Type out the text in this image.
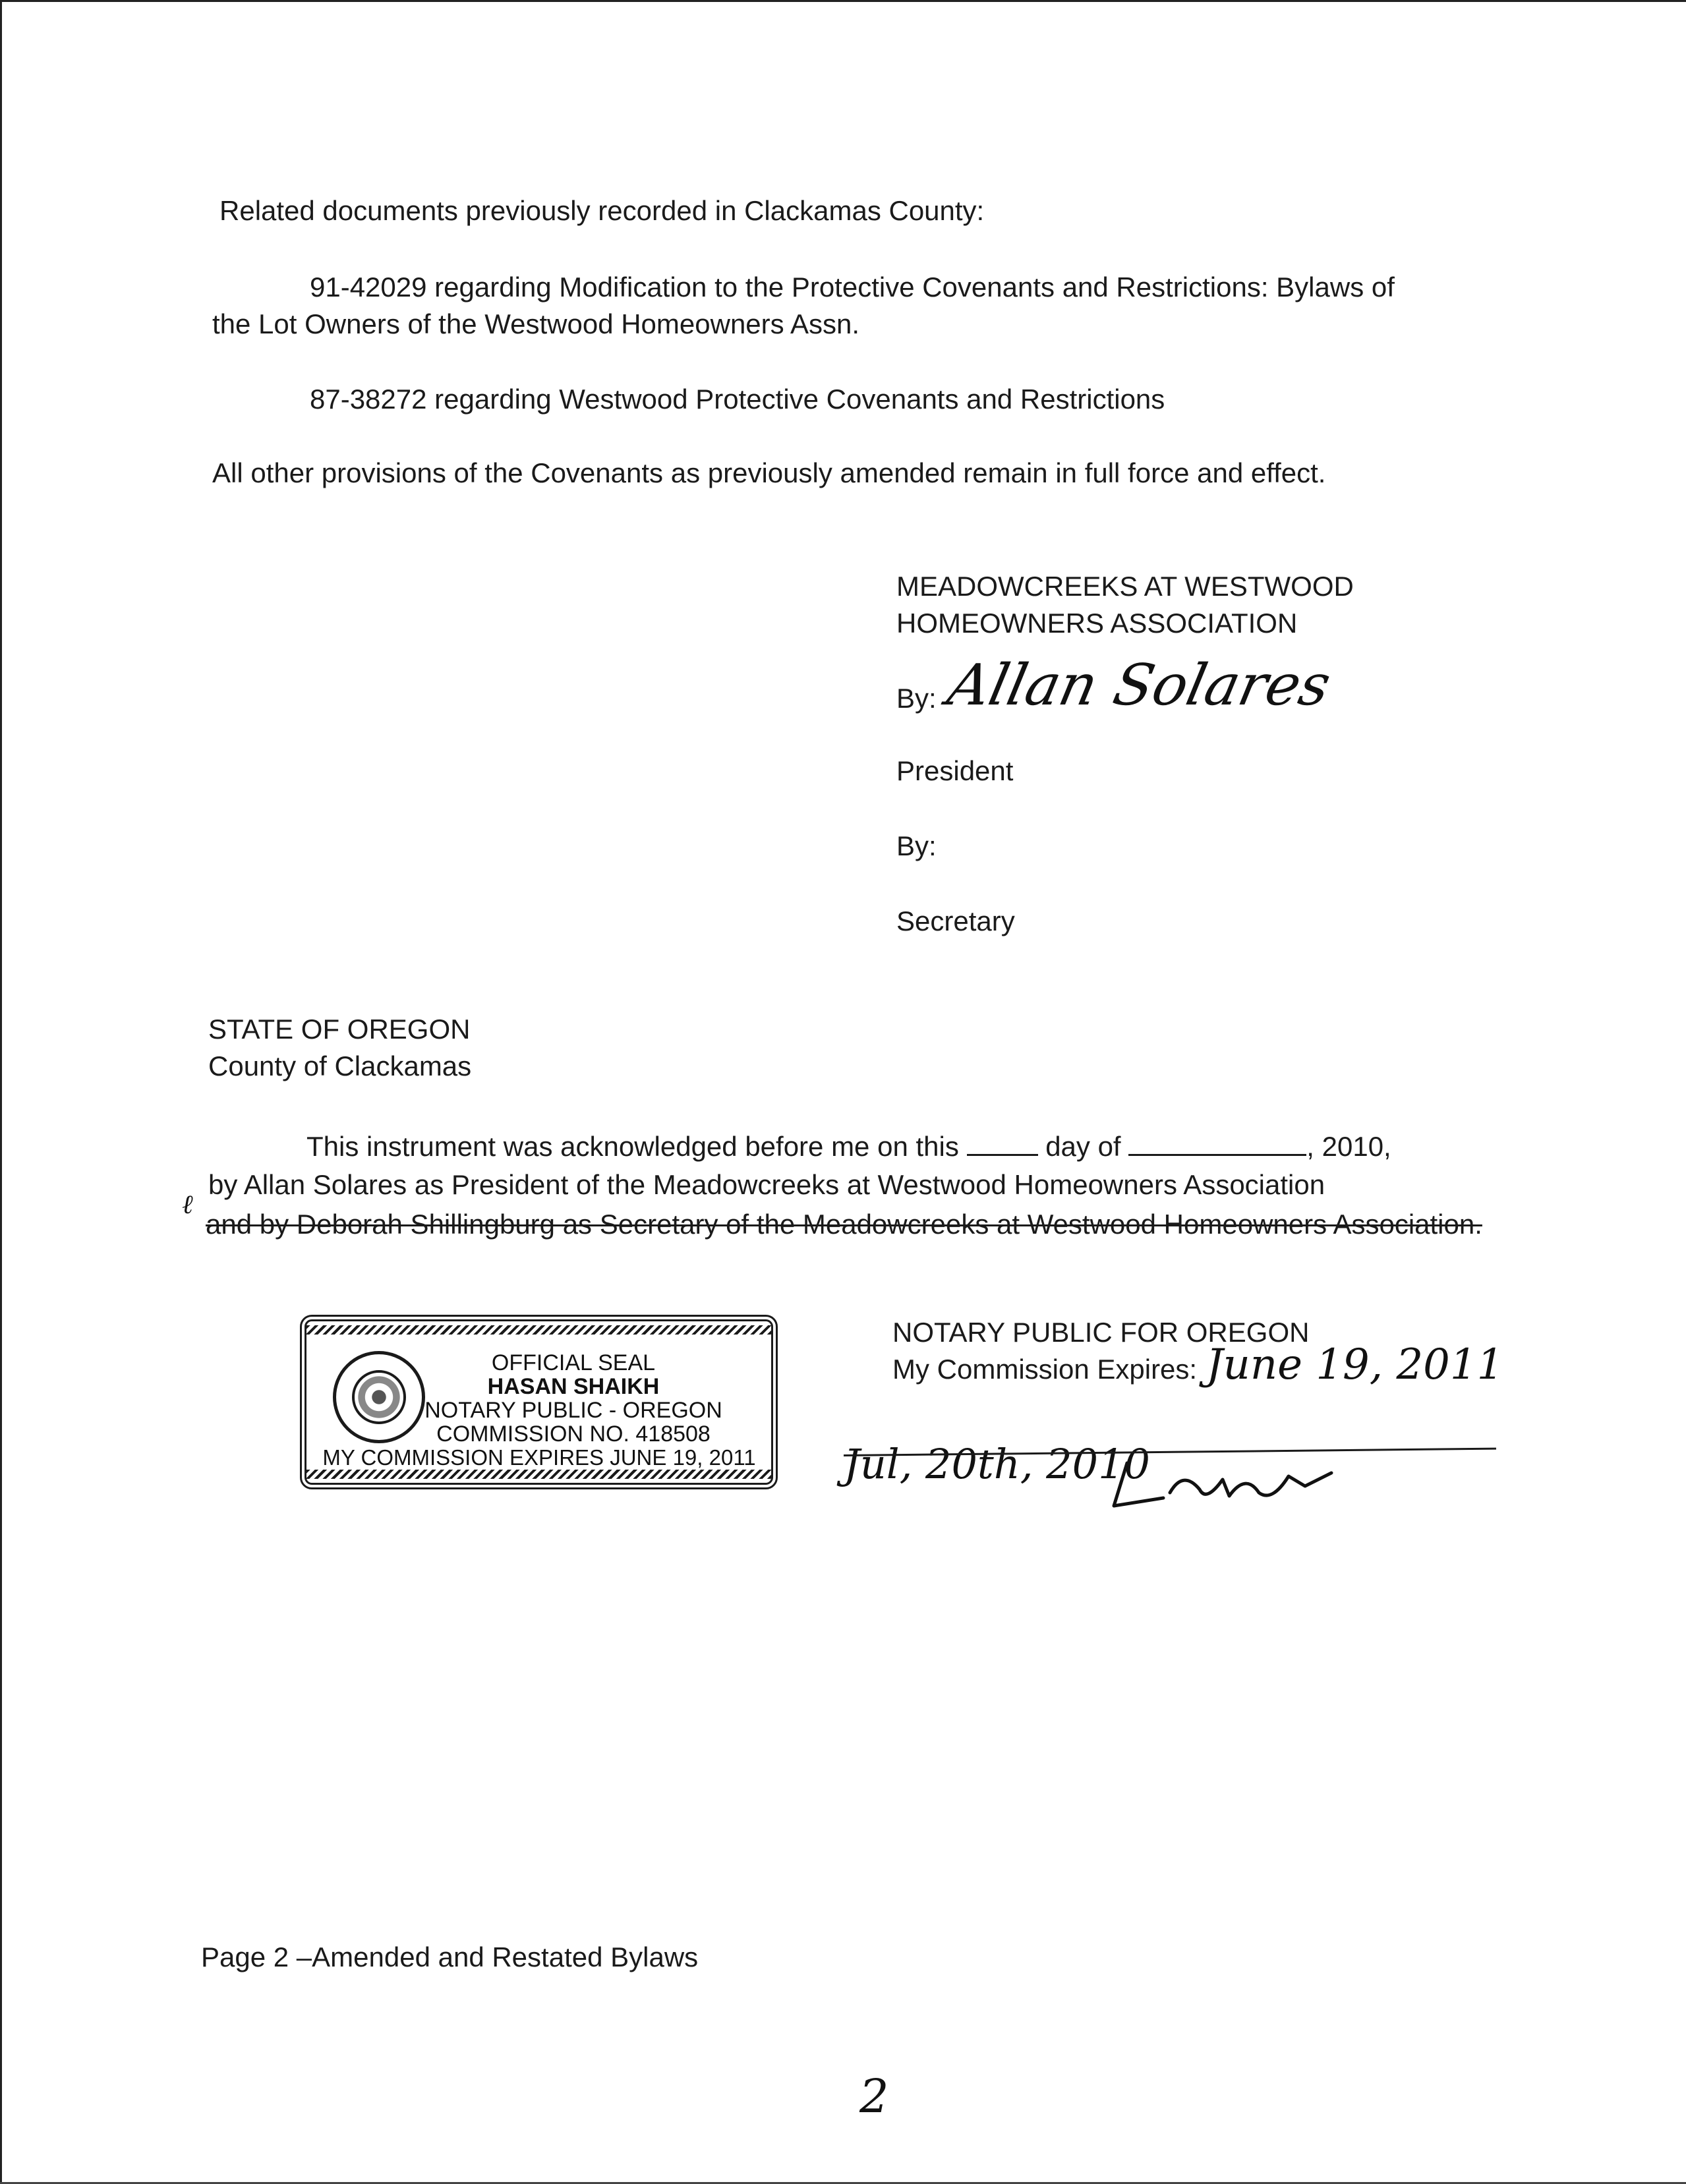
Related documents previously recorded in Clackamas County:
91-42029 regarding Modification to the Protective Covenants and Restrictions: Bylaws of
the Lot Owners of the Westwood Homeowners Assn.
87-38272 regarding Westwood Protective Covenants and Restrictions
All other provisions of the Covenants as previously amended remain in full force and effect.
MEADOWCREEKS AT WESTWOOD
HOMEOWNERS ASSOCIATION
By: Allan Solares
President
By:
Secretary
STATE OF OREGON
County of Clackamas
This instrument was acknowledged before me on this	day of	, 2010,
by Allan Solares as President of the Meadowcreeks at Westwood Homeowners Association
ℓ
and by Deborah Shillingburg as Secretary of the Meadowcreeks at Westwood Homeowners Association.
OFFICIAL SEAL
HASAN SHAIKH
NOTARY PUBLIC - OREGON
COMMISSION NO. 418508
MY COMMISSION EXPIRES JUNE 19, 2011
NOTARY PUBLIC FOR OREGON
My Commission Expires: June 19, 2011
Jul, 20th, 2010
Page 2 –Amended and Restated Bylaws
2
